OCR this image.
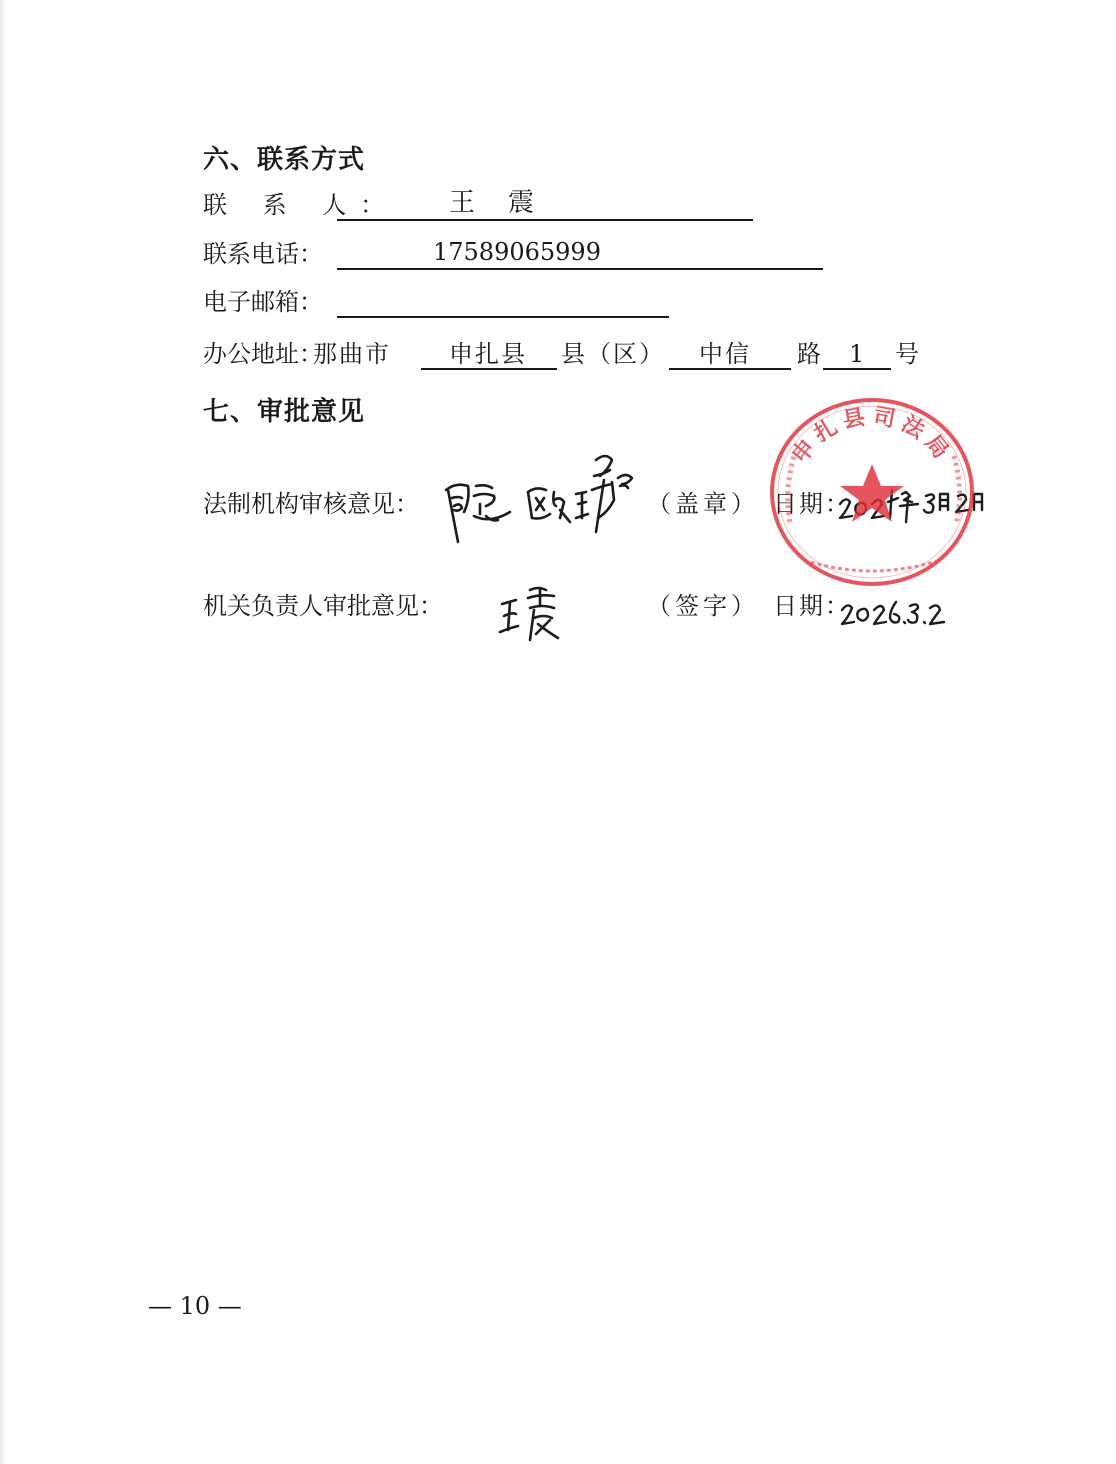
六、联系方式
联 系 人： 王    震
联系电话：	17589065999
电子邮箱：
办公地址：
那曲市 申扎县 县（区） 中信 路 1 号
七、审批意见
法制机构审核意见：	（盖章） 日期：
机关负责人审批意见：	（签字） 日期：
申扎县司法局
— 10 —
